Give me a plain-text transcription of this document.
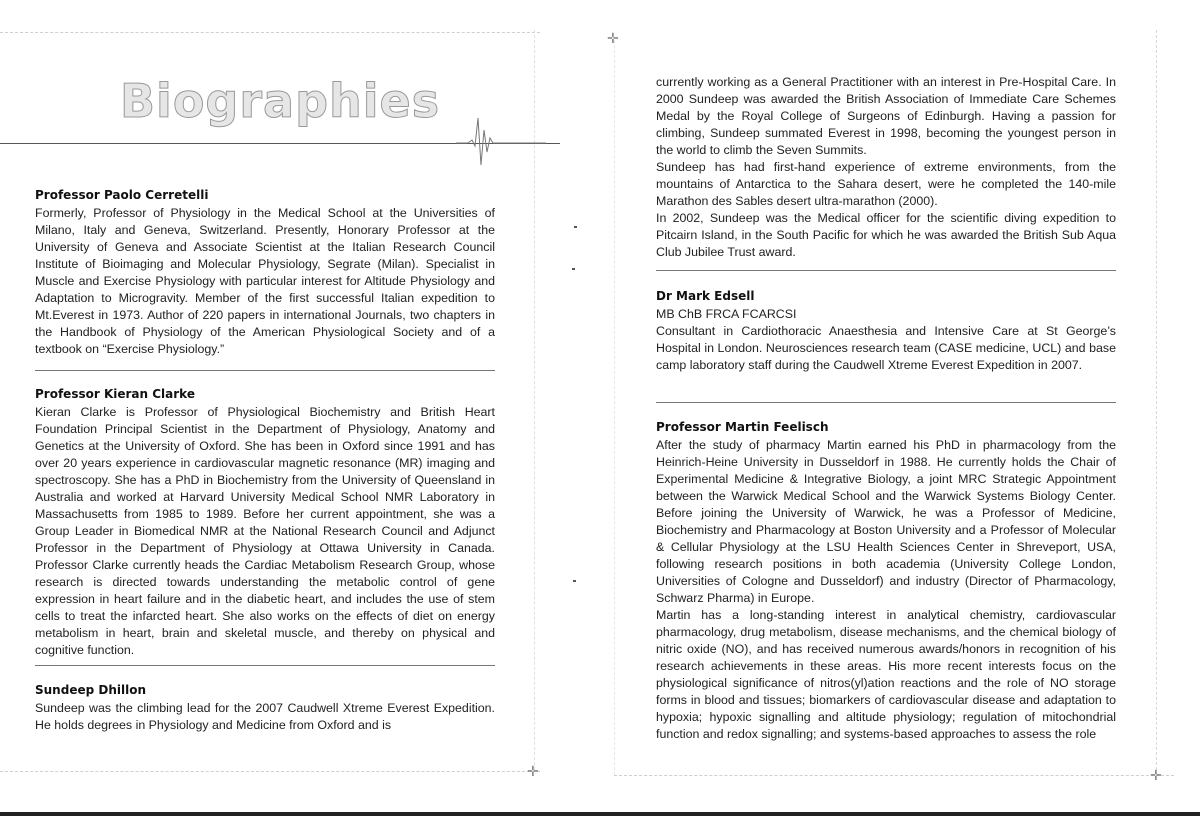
✛
✛	✛
Biographies
Professor Paolo Cerretelli

Formerly, Professor of Physiology in the Medical School at the Universities of Milano, Italy and Geneva, Switzerland. Presently, Honorary Professor at the University of Geneva and Associate Scientist at the Italian Research Council Institute of Bioimaging and Molecular Physiology, Segrate (Milan). Specialist in Muscle and Exercise Physiology with particular interest for Altitude Physiology and Adaptation to Microgravity. Member of the first successful Italian expedition to Mt.Everest in 1973. Author of 220 papers in international Journals, two chapters in the Handbook of Physiology of the American Physiological Society and of a textbook on “Exercise Physiology.”

Professor Kieran Clarke

Kieran Clarke is Professor of Physiological Biochemistry and British Heart Foundation Principal Scientist in the Department of Physiology, Anatomy and Genetics at the University of Oxford. She has been in Oxford since 1991 and has over 20 years experience in cardiovascular magnetic resonance (MR) imaging and spectroscopy. She has a PhD in Biochemistry from the University of Queensland in Australia and worked at Harvard University Medical School NMR Laboratory in Massachusetts from 1985 to 1989. Before her current appointment, she was a Group Leader in Biomedical NMR at the National Research Council and Adjunct Professor in the Department of Physiology at Ottawa University in Canada. Professor Clarke currently heads the Cardiac Metabolism Research Group, whose research is directed towards understanding the metabolic control of gene expression in heart failure and in the diabetic heart, and includes the use of stem cells to treat the infarcted heart. She also works on the effects of diet on energy metabolism in heart, brain and skeletal muscle, and thereby on physical and cognitive function.

Sundeep Dhillon

Sundeep was the climbing lead for the 2007 Caudwell Xtreme Everest Expedition. He holds degrees in Physiology and Medicine from Oxford and is

currently working as a General Practitioner with an interest in Pre-Hospital Care. In 2000 Sundeep was awarded the British Association of Immediate Care Schemes Medal by the Royal College of Surgeons of Edinburgh. Having a passion for climbing, Sundeep summated Everest in 1998, becoming the youngest person in the world to climb the Seven Summits.

Sundeep has had first-hand experience of extreme environments, from the mountains of Antarctica to the Sahara desert, were he completed the 140-mile Marathon des Sables desert ultra-marathon (2000).

In 2002, Sundeep was the Medical officer for the scientific diving expedition to Pitcairn Island, in the South Pacific for which he was awarded the British Sub Aqua Club Jubilee Trust award.

Dr Mark Edsell
MB ChB FRCA FCARCSI

Consultant in Cardiothoracic Anaesthesia and Intensive Care at St George’s Hospital in London. Neurosciences research team (CASE medicine, UCL) and base camp laboratory staff during the Caudwell Xtreme Everest Expedition in 2007.

Professor Martin Feelisch

After the study of pharmacy Martin earned his PhD in pharmacology from the Heinrich-Heine University in Dusseldorf in 1988. He currently holds the Chair of Experimental Medicine & Integrative Biology, a joint MRC Strategic Appointment between the Warwick Medical School and the Warwick Systems Biology Center. Before joining the University of Warwick, he was a Professor of Medicine, Biochemistry and Pharmacology at Boston University and a Professor of Molecular & Cellular Physiology at the LSU Health Sciences Center in Shreveport, USA, following research positions in both academia (University College London, Universities of Cologne and Dusseldorf) and industry (Director of Pharmacology, Schwarz Pharma) in Europe.

Martin has a long-standing interest in analytical chemistry, cardiovascular pharmacology, drug metabolism, disease mechanisms, and the chemical biology of nitric oxide (NO), and has received numerous awards/honors in recognition of his research achievements in these areas. His more recent interests focus on the physiological significance of nitros(yl)ation reactions and the role of NO storage forms in blood and tissues; biomarkers of cardiovascular disease and adaptation to hypoxia; hypoxic signalling and altitude physiology; regulation of mitochondrial function and redox signalling; and systems-based approaches to assess the role
